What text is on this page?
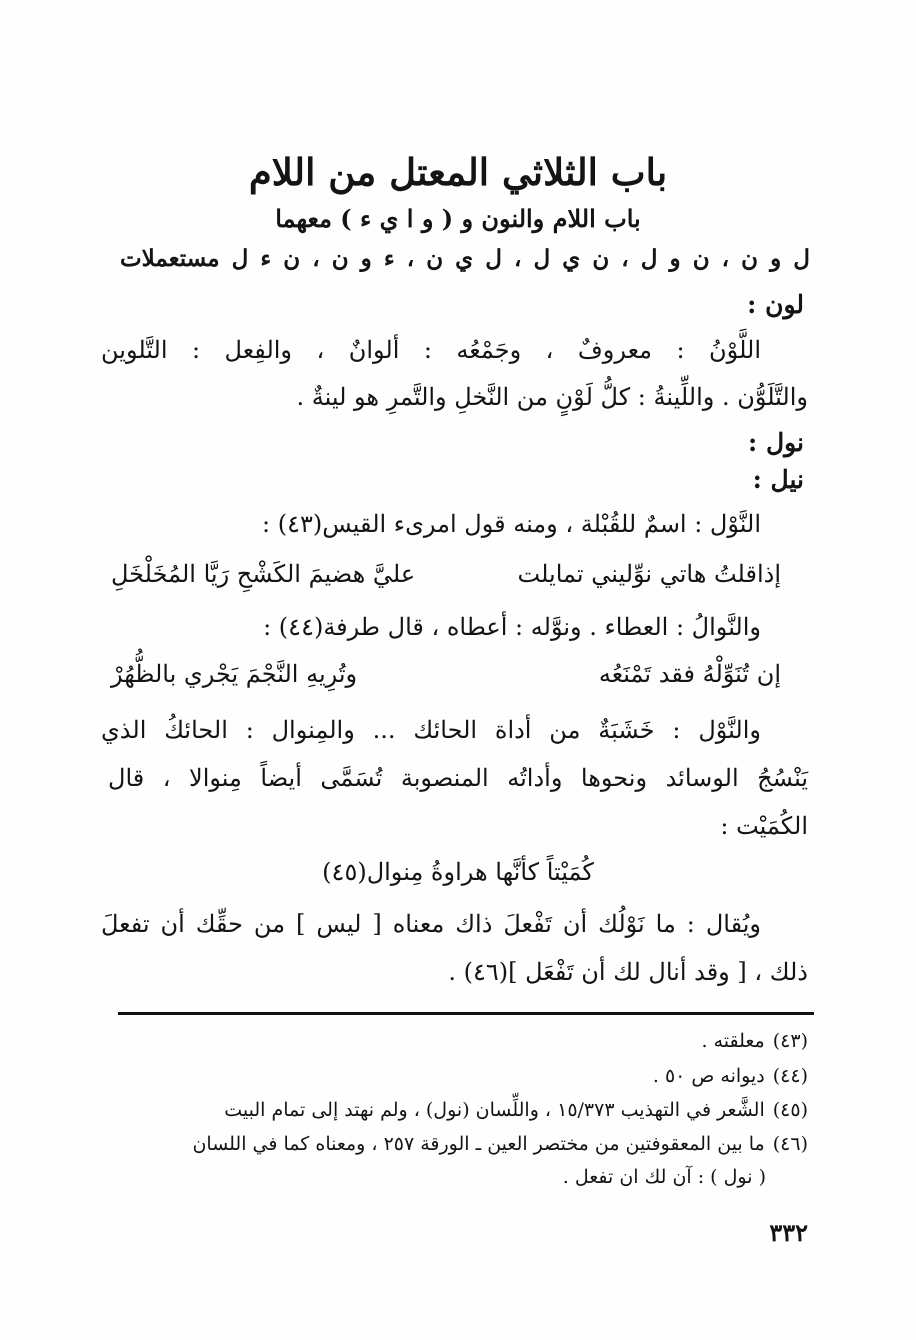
باب الثلاثي المعتل من اللام
باب اللام والنون و ( و ا ي ء ) معهما
ل و ن ، ن و ل ، ن ي ل ، ل ي ن ، ء و ن ، ن ء ل مستعملات
لون :
اللَّوْنُ : معروفٌ ، وجَمْعُه : ألوانٌ ، والفِعل : التَّلوين
والتَّلَوُّن . واللِّينةُ : كلُّ لَوْنٍ من النَّخلِ والتَّمرِ هو لينةٌ .
نول :
نيل :
النَّوْل : اسمٌ للقُبْلة ، ومنه قول امرىء القيس(٤٣) :
إذاقلتُ هاتي نوِّليني تمايلت
عليَّ هضيمَ الكَشْحِ رَيَّا المُخَلْخَلِ
والنَّوالُ : العطاء . ونوَّله : أعطاه ، قال طرفة(٤٤) :
إن تُنَوِّلْهُ فقد تَمْنَعُه
وتُرِيهِ النَّجْمَ يَجْري بالظُّهُرْ
والنَّوْل : خَشَبَةٌ من أداة الحائك ... والمِنوال : الحائكُ الذي
يَنْسُجُ الوسائد ونحوها وأداتُه المنصوبة تُسَمَّى أيضاً مِنوالا ، قال
الكُمَيْت :
كُمَيْتاً كأنَّها هراوةُ مِنوال(٤٥)
ويُقال : ما نَوْلُك أن تَفْعلَ ذاك معناه [ ليس ] من حقِّك أن تفعلَ
ذلك ، [ وقد أنال لك أن تَفْعَل ](٤٦) .
(٤٣)معلقته .
(٤٤)ديوانه ص ٥٠ .
(٤٥)الشَّعر في التهذيب ١٥/٣٧٣ ، واللِّسان (نول) ، ولم نهتد إلى تمام البيت
(٤٦)ما بين المعقوفتين من مختصر العين ـ الورقة ٢٥٧ ، ومعناه كما في اللسان
( نول ) : آن لك ان تفعل .
٣٣٢
